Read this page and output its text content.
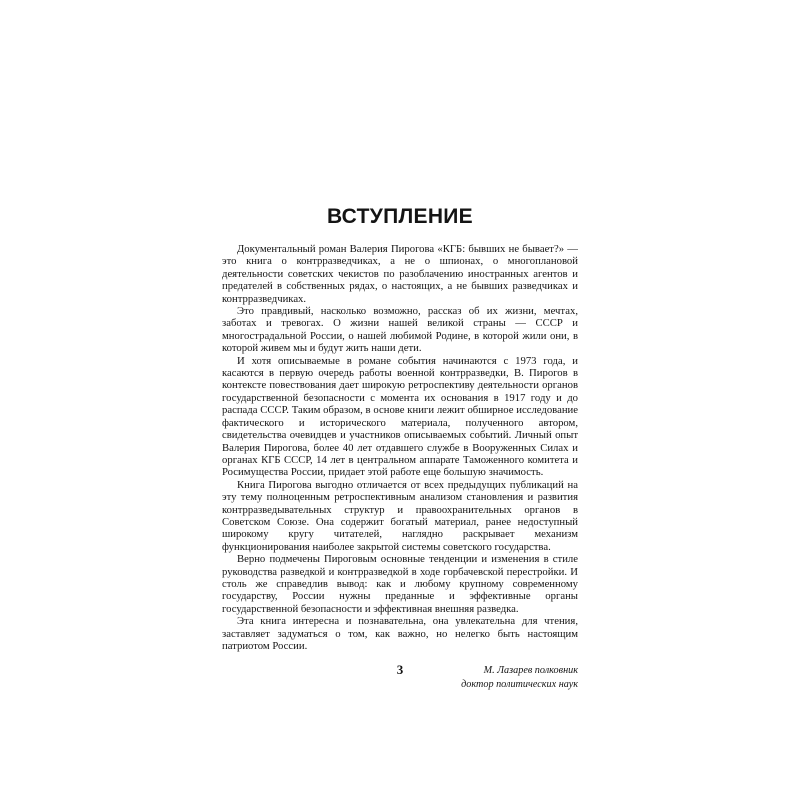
ВСТУПЛЕНИЕ

Документальный роман Валерия Пирогова «КГБ: бывших не бывает?» — это книга о контрразведчиках, а не о шпионах, о многоплановой деятельности советских чекистов по разоблачению иностранных агентов и предателей в собственных рядах, о настоящих, а не бывших разведчиках и контрразведчиках.

Это правдивый, насколько возможно, рассказ об их жизни, мечтах, заботах и тревогах. О жизни нашей великой страны — СССР и многострадальной России, о нашей любимой Родине, в которой жили они, в которой живем мы и будут жить наши дети.

И хотя описываемые в романе события начинаются с 1973 года, и касаются в первую очередь работы военной контрразведки, В. Пирогов в контексте повествования дает широкую ретроспективу деятельности органов государственной безопасности с момента их основания в 1917 году и до распада СССР. Таким образом, в основе книги лежит обширное исследование фактического и исторического материала, полученного автором, свидетельства очевидцев и участников описываемых событий. Личный опыт Валерия Пирогова, более 40 лет отдавшего службе в Вооруженных Силах и органах КГБ СССР, 14 лет в центральном аппарате Таможенного комитета и Росимущества России, придает этой работе еще большую значимость.

Книга Пирогова выгодно отличается от всех предыдущих публикаций на эту тему полноценным ретроспективным анализом становления и развития контрразведывательных структур и правоохранительных органов в Советском Союзе. Она содержит богатый материал, ранее недоступный широкому кругу читателей, наглядно раскрывает механизм функционирования наиболее закрытой системы советского государства.

Верно подмечены Пироговым основные тенденции и изменения в стиле руководства разведкой и контрразведкой в ходе горбачевской перестройки. И столь же справедлив вывод: как и любому крупному современному государству, России нужны преданные и эффективные органы государственной безопасности и эффективная внешняя разведка.

Эта книга интересна и познавательна, она увлекательна для чтения, заставляет задуматься о том, как важно, но нелегко быть настоящим патриотом России.

М. Лазарев полковник
доктор политических наук
3
